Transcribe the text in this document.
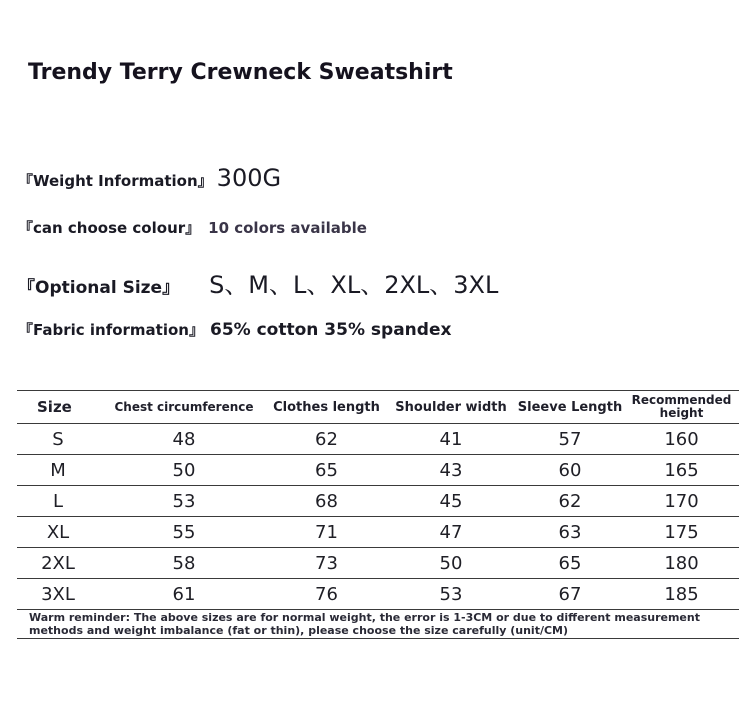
Trendy Terry Crewneck Sweatshirt
『Weight Information』 300G
『can choose colour』 10 colors available
『Optional Size』 S、M、L、XL、2XL、3XL
『Fabric information』 65% cotton 35% spandex
Size	Chest circumference	Clothes length	Shoulder width	Sleeve Length	Recommended height
S	48	62	41	57	160
M	50	65	43	60	165
L	53	68	45	62	170
XL	55	71	47	63	175
2XL	58	73	50	65	180
3XL	61	76	53	67	185
Warm reminder: The above sizes are for normal weight, the error is 1-3CM or due to different measurement methods and weight imbalance (fat or thin), please choose the size carefully (unit/CM)					
